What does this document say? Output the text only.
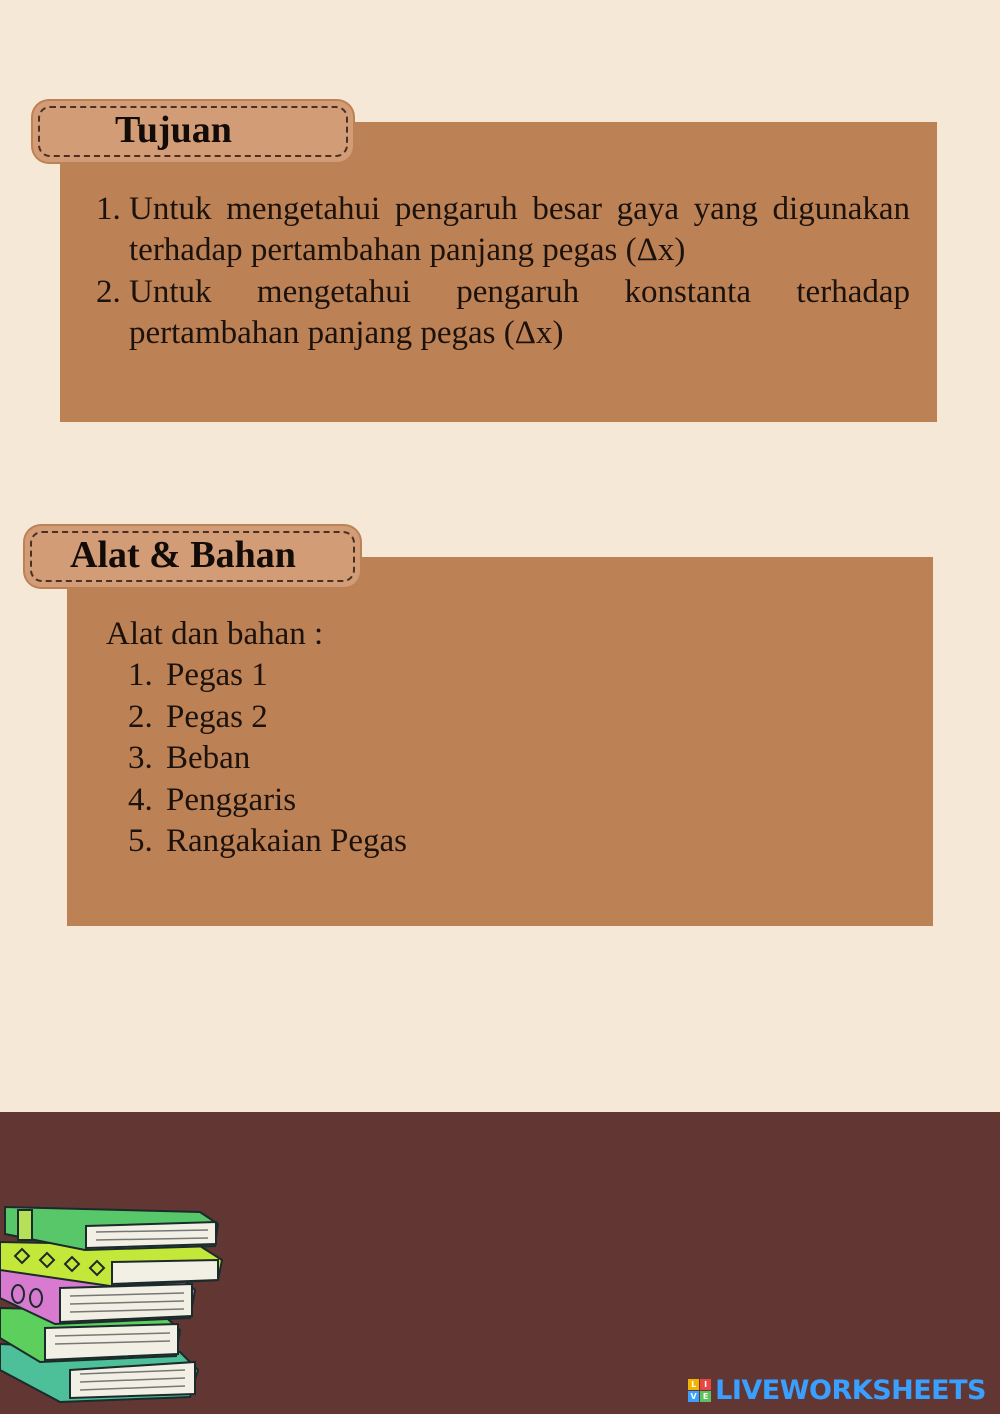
Tujuan
1. Untuk mengetahui pengaruh besar gaya yang digunakan terhadap pertambahan panjang pegas (Δx)
2. Untuk mengetahui pengaruh konstanta terhadap pertambahan panjang pegas (Δx)
Alat & Bahan
Alat dan bahan :
1. Pegas 1
2. Pegas 2
3. Beban
4. Penggaris
5. Rangakaian Pegas
L I
V E LIVEWORKSHEETS
